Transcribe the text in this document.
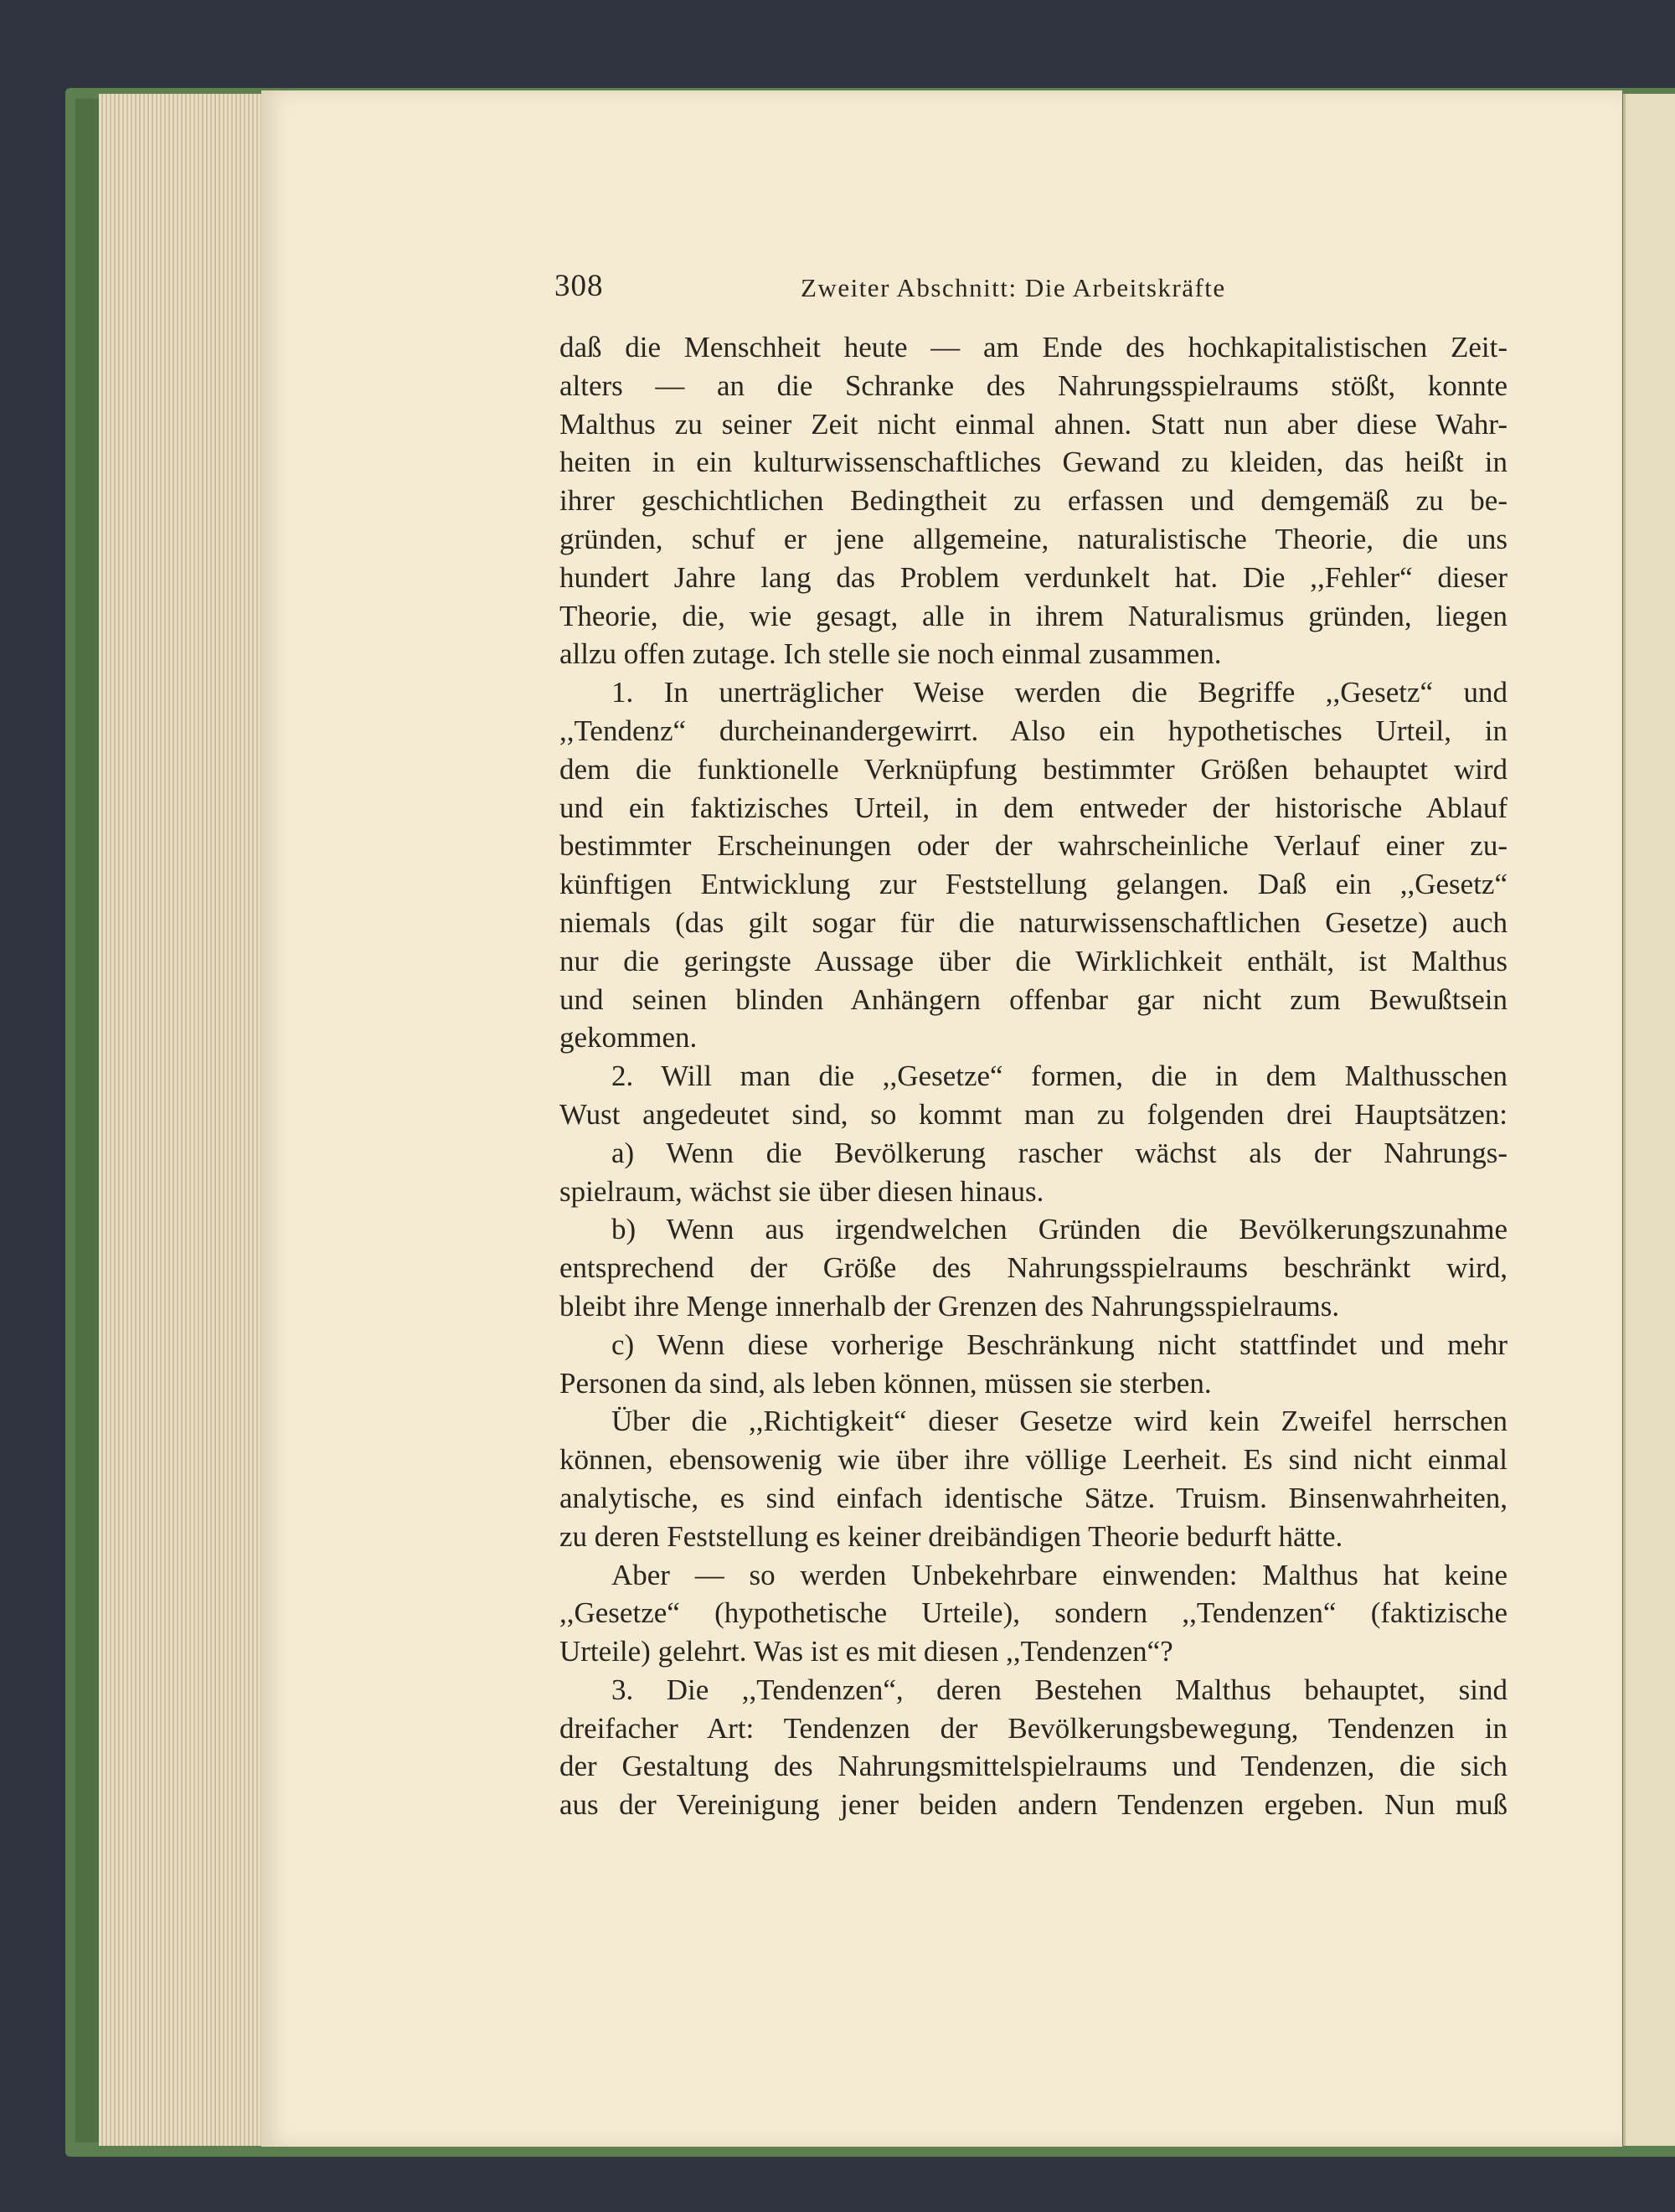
308	Zweiter Abschnitt: Die Arbeitskräfte
daß die Menschheit heute — am Ende des hochkapitalistischen Zeit-
alters — an die Schranke des Nahrungsspielraums stößt, konnte
Malthus zu seiner Zeit nicht einmal ahnen. Statt nun aber diese Wahr-
heiten in ein kulturwissenschaftliches Gewand zu kleiden, das heißt in
ihrer geschichtlichen Bedingtheit zu erfassen und demgemäß zu be-
gründen, schuf er jene allgemeine, naturalistische Theorie, die uns
hundert Jahre lang das Problem verdunkelt hat. Die ,,Fehler“ dieser
Theorie, die, wie gesagt, alle in ihrem Naturalismus gründen, liegen
allzu offen zutage. Ich stelle sie noch einmal zusammen.
1. In unerträglicher Weise werden die Begriffe ,,Gesetz“ und
,,Tendenz“ durcheinandergewirrt. Also ein hypothetisches Urteil, in
dem die funktionelle Verknüpfung bestimmter Größen behauptet wird
und ein faktizisches Urteil, in dem entweder der historische Ablauf
bestimmter Erscheinungen oder der wahrscheinliche Verlauf einer zu-
künftigen Entwicklung zur Feststellung gelangen. Daß ein ,,Gesetz“
niemals (das gilt sogar für die naturwissenschaftlichen Gesetze) auch
nur die geringste Aussage über die Wirklichkeit enthält, ist Malthus
und seinen blinden Anhängern offenbar gar nicht zum Bewußtsein
gekommen.
2. Will man die ,,Gesetze“ formen, die in dem Malthusschen
Wust angedeutet sind, so kommt man zu folgenden drei Hauptsätzen:
a) Wenn die Bevölkerung rascher wächst als der Nahrungs-
spielraum, wächst sie über diesen hinaus.
b) Wenn aus irgendwelchen Gründen die Bevölkerungszunahme
entsprechend der Größe des Nahrungsspielraums beschränkt wird,
bleibt ihre Menge innerhalb der Grenzen des Nahrungsspielraums.
c) Wenn diese vorherige Beschränkung nicht stattfindet und mehr
Personen da sind, als leben können, müssen sie sterben.
Über die ,,Richtigkeit“ dieser Gesetze wird kein Zweifel herrschen
können, ebensowenig wie über ihre völlige Leerheit. Es sind nicht einmal
analytische, es sind einfach identische Sätze. Truism. Binsenwahrheiten,
zu deren Feststellung es keiner dreibändigen Theorie bedurft hätte.
Aber — so werden Unbekehrbare einwenden: Malthus hat keine
,,Gesetze“ (hypothetische Urteile), sondern ,,Tendenzen“ (faktizische
Urteile) gelehrt. Was ist es mit diesen ,,Tendenzen“?
3. Die ,,Tendenzen“, deren Bestehen Malthus behauptet, sind
dreifacher Art: Tendenzen der Bevölkerungsbewegung, Tendenzen in
der Gestaltung des Nahrungsmittelspielraums und Tendenzen, die sich
aus der Vereinigung jener beiden andern Tendenzen ergeben. Nun muß
